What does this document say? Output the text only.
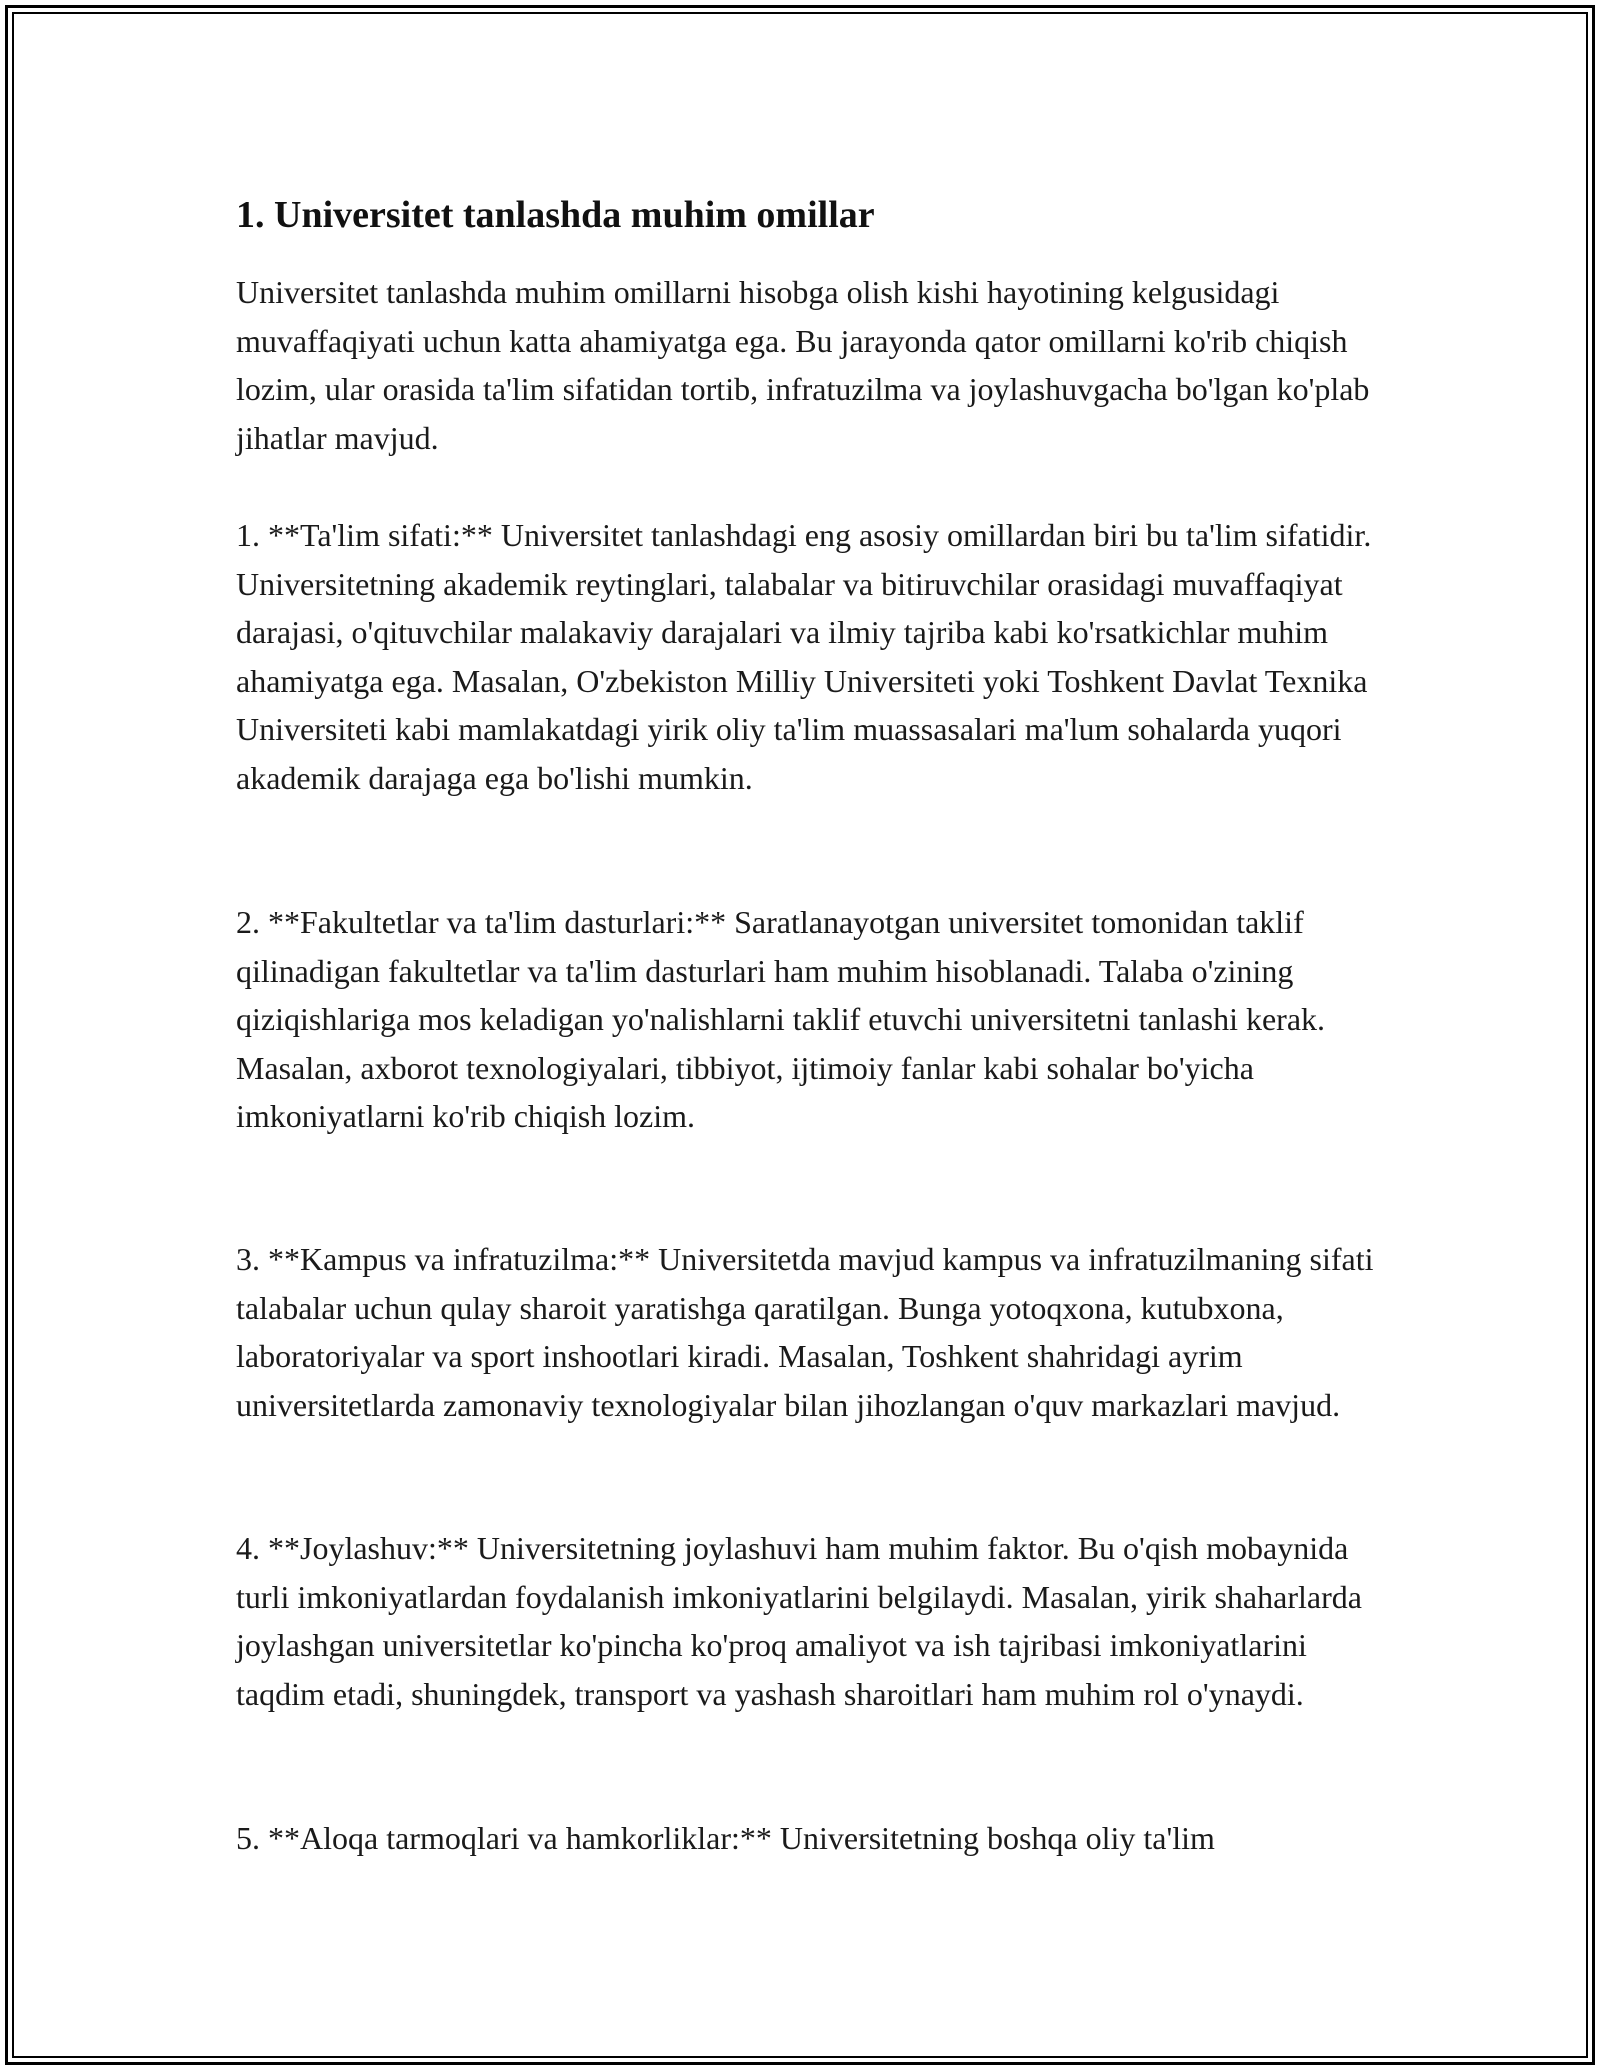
1. Universitet tanlashda muhim omillar

Universitet tanlashda muhim omillarni hisobga olish kishi hayotining kelgusidagi muvaffaqiyati uchun katta ahamiyatga ega. Bu jarayonda qator omillarni ko'rib chiqish lozim, ular orasida ta'lim sifatidan tortib, infratuzilma va joylashuvgacha bo'lgan ko'plab jihatlar mavjud.

1. **Ta'lim sifati:** Universitet tanlashdagi eng asosiy omillardan biri bu ta'lim sifatidir. Universitetning akademik reytinglari, talabalar va bitiruvchilar orasidagi muvaffaqiyat darajasi, o'qituvchilar malakaviy darajalari va ilmiy tajriba kabi ko'rsatkichlar muhim ahamiyatga ega. Masalan, O'zbekiston Milliy Universiteti yoki Toshkent Davlat Texnika Universiteti kabi mamlakatdagi yirik oliy ta'lim muassasalari ma'lum sohalarda yuqori akademik darajaga ega bo'lishi mumkin.

2. **Fakultetlar va ta'lim dasturlari:** Saratlanayotgan universitet tomonidan taklif qilinadigan fakultetlar va ta'lim dasturlari ham muhim hisoblanadi. Talaba o'zining qiziqishlariga mos keladigan yo'nalishlarni taklif etuvchi universitetni tanlashi kerak. Masalan, axborot texnologiyalari, tibbiyot, ijtimoiy fanlar kabi sohalar bo'yicha imkoniyatlarni ko'rib chiqish lozim.

3. **Kampus va infratuzilma:** Universitetda mavjud kampus va infratuzilmaning sifati talabalar uchun qulay sharoit yaratishga qaratilgan. Bunga yotoqxona, kutubxona, laboratoriyalar va sport inshootlari kiradi. Masalan, Toshkent shahridagi ayrim universitetlarda zamonaviy texnologiyalar bilan jihozlangan o'quv markazlari mavjud.

4. **Joylashuv:** Universitetning joylashuvi ham muhim faktor. Bu o'qish mobaynida turli imkoniyatlardan foydalanish imkoniyatlarini belgilaydi. Masalan, yirik shaharlarda joylashgan universitetlar ko'pincha ko'proq amaliyot va ish tajribasi imkoniyatlarini taqdim etadi, shuningdek, transport va yashash sharoitlari ham muhim rol o'ynaydi.

5. **Aloqa tarmoqlari va hamkorliklar:** Universitetning boshqa oliy ta'lim
